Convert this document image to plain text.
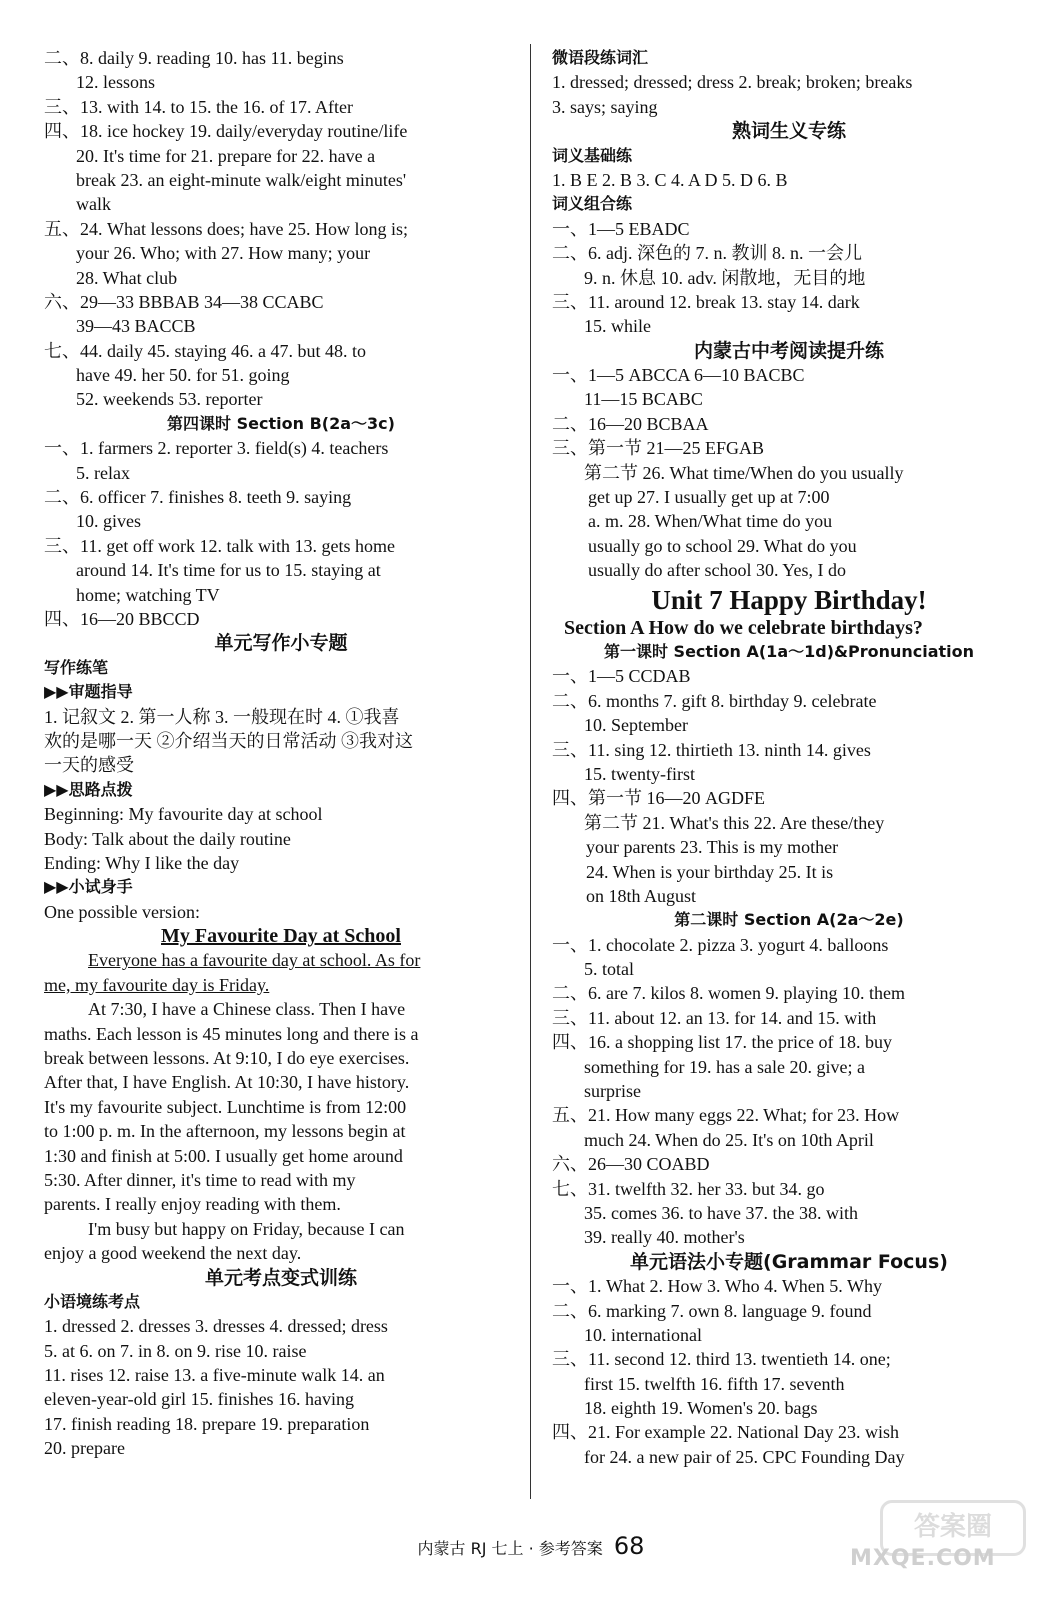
二、8. daily 9. reading 10. has 11. begins
12. lessons
三、13. with 14. to 15. the 16. of 17. After
四、18. ice hockey 19. daily/everyday routine/life
20. It's time for 21. prepare for 22. have a
break 23. an eight-minute walk/eight minutes'
walk
五、24. What lessons does; have 25. How long is;
your 26. Who; with 27. How many; your
28. What club
六、29—33 BBBAB 34—38 CCABC
39—43 BACCB
七、44. daily 45. staying 46. a 47. but 48. to
have 49. her 50. for 51. going
52. weekends 53. reporter
第四课时 Section B(2a～3c)
一、1. farmers 2. reporter 3. field(s) 4. teachers
5. relax
二、6. officer 7. finishes 8. teeth 9. saying
10. gives
三、11. get off work 12. talk with 13. gets home
around 14. It's time for us to 15. staying at
home; watching TV
四、16—20 BBCCD
单元写作小专题
写作练笔
▶▶审题指导
1. 记叙文 2. 第一人称 3. 一般现在时 4. ①我喜
欢的是哪一天 ②介绍当天的日常活动 ③我对这
一天的感受
▶▶思路点拨
Beginning: My favourite day at school
Body: Talk about the daily routine
Ending: Why I like the day
▶▶小试身手
One possible version:
My Favourite Day at School
Everyone has a favourite day at school. As for
me, my favourite day is Friday.
At 7:30, I have a Chinese class. Then I have
maths. Each lesson is 45 minutes long and there is a
break between lessons. At 9:10, I do eye exercises.
After that, I have English. At 10:30, I have history.
It's my favourite subject. Lunchtime is from 12:00
to 1:00 p. m. In the afternoon, my lessons begin at
1:30 and finish at 5:00. I usually get home around
5:30. After dinner, it's time to read with my
parents. I really enjoy reading with them.
I'm busy but happy on Friday, because I can
enjoy a good weekend the next day.
单元考点变式训练
小语境练考点
1. dressed 2. dresses 3. dresses 4. dressed; dress
5. at 6. on 7. in 8. on 9. rise 10. raise
11. rises 12. raise 13. a five-minute walk 14. an
eleven-year-old girl 15. finishes 16. having
17. finish reading 18. prepare 19. preparation
20. prepare
微语段练词汇
1. dressed; dressed; dress 2. break; broken; breaks
3. says; saying
熟词生义专练
词义基础练
1. B E 2. B 3. C 4. A D 5. D 6. B
词义组合练
一、1—5 EBADC
二、6. adj. 深色的 7. n. 教训 8. n. 一会儿
9. n. 休息 10. adv. 闲散地，无目的地
三、11. around 12. break 13. stay 14. dark
15. while
内蒙古中考阅读提升练
一、1—5 ABCCA 6—10 BACBC
11—15 BCABC
二、16—20 BCBAA
三、第一节 21—25 EFGAB
第二节 26. What time/When do you usually
get up 27. I usually get up at 7:00
a. m. 28. When/What time do you
usually go to school 29. What do you
usually do after school 30. Yes, I do
Unit 7 Happy Birthday!
Section A How do we celebrate birthdays?
第一课时 Section A(1a～1d)&Pronunciation
一、1—5 CCDAB
二、6. months 7. gift 8. birthday 9. celebrate
10. September
三、11. sing 12. thirtieth 13. ninth 14. gives
15. twenty-first
四、第一节 16—20 AGDFE
第二节 21. What's this 22. Are these/they
your parents 23. This is my mother
24. When is your birthday 25. It is
on 18th August
第二课时 Section A(2a～2e)
一、1. chocolate 2. pizza 3. yogurt 4. balloons
5. total
二、6. are 7. kilos 8. women 9. playing 10. them
三、11. about 12. an 13. for 14. and 15. with
四、16. a shopping list 17. the price of 18. buy
something for 19. has a sale 20. give; a
surprise
五、21. How many eggs 22. What; for 23. How
much 24. When do 25. It's on 10th April
六、26—30 COABD
七、31. twelfth 32. her 33. but 34. go
35. comes 36. to have 37. the 38. with
39. really 40. mother's
单元语法小专题(Grammar Focus)
一、1. What 2. How 3. Who 4. When 5. Why
二、6. marking 7. own 8. language 9. found
10. international
三、11. second 12. third 13. twentieth 14. one;
first 15. twelfth 16. fifth 17. seventh
18. eighth 19. Women's 20. bags
四、21. For example 22. National Day 23. wish
for 24. a new pair of 25. CPC Founding Day
内蒙古 RJ 七上 · 参考答案 68
答案圈
MXQE.COM
